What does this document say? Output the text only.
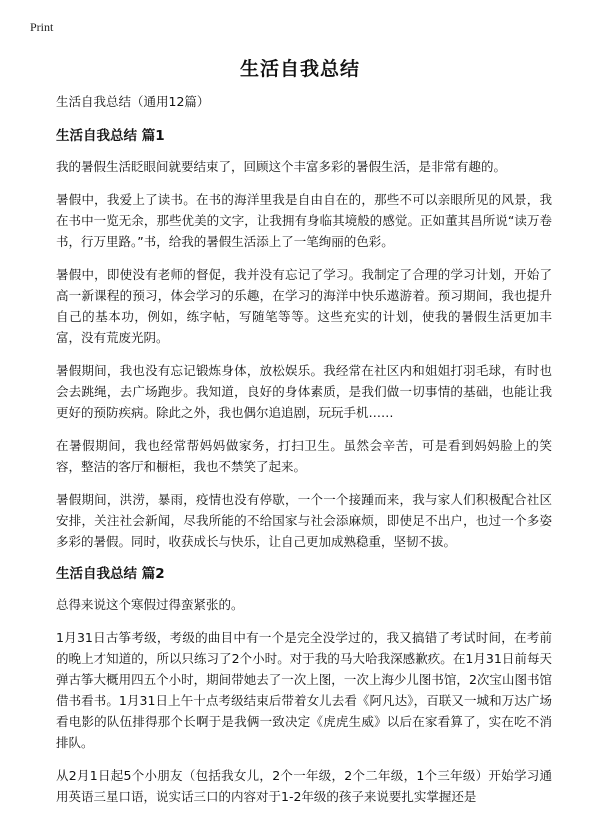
Print
生活自我总结
生活自我总结（通用12篇）
生活自我总结 篇1

我的暑假生活眨眼间就要结束了，回顾这个丰富多彩的暑假生活，是非常有趣的。

暑假中，我爱上了读书。在书的海洋里我是自由自在的，那些不可以亲眼所见的风景，我在书中一览无余，那些优美的文字，让我拥有身临其境般的感觉。正如董其昌所说“读万卷书，行万里路。”书，给我的暑假生活添上了一笔绚丽的色彩。

暑假中，即使没有老师的督促，我并没有忘记了学习。我制定了合理的学习计划，开始了高一新课程的预习，体会学习的乐趣，在学习的海洋中快乐遨游着。预习期间，我也提升自己的基本功，例如，练字帖，写随笔等等。这些充实的计划，使我的暑假生活更加丰富，没有荒废光阴。

暑假期间，我也没有忘记锻炼身体，放松娱乐。我经常在社区内和姐姐打羽毛球，有时也会去跳绳，去广场跑步。我知道，良好的身体素质，是我们做一切事情的基础，也能让我更好的预防疾病。除此之外，我也偶尔追追剧，玩玩手机……

在暑假期间，我也经常帮妈妈做家务，打扫卫生。虽然会辛苦，可是看到妈妈脸上的笑容，整洁的客厅和橱柜，我也不禁笑了起来。

暑假期间，洪涝，暴雨，疫情也没有停歇，一个一个接踵而来，我与家人们积极配合社区安排，关注社会新闻，尽我所能的不给国家与社会添麻烦，即使足不出户，也过一个多姿多彩的暑假。同时，收获成长与快乐，让自己更加成熟稳重，坚韧不拔。

生活自我总结 篇2

总得来说这个寒假过得蛮紧张的。

1月31日古筝考级，考级的曲目中有一个是完全没学过的，我又搞错了考试时间，在考前的晚上才知道的，所以只练习了2个小时。对于我的马大哈我深感歉疚。在1月31日前每天弹古筝大概用四五个小时，期间带她去了一次上图，一次上海少儿图书馆，2次宝山图书馆借书看书。1月31日上午十点考级结束后带着女儿去看《阿凡达》，百联又一城和万达广场看电影的队伍排得那个长啊于是我俩一致决定《虎虎生威》以后在家看算了，实在吃不消排队。

从2月1日起5个小朋友（包括我女儿，2个一年级，2个二年级，1个三年级）开始学习通用英语三星口语，说实话三口的内容对于1-2年级的孩子来说要扎实掌握还是
